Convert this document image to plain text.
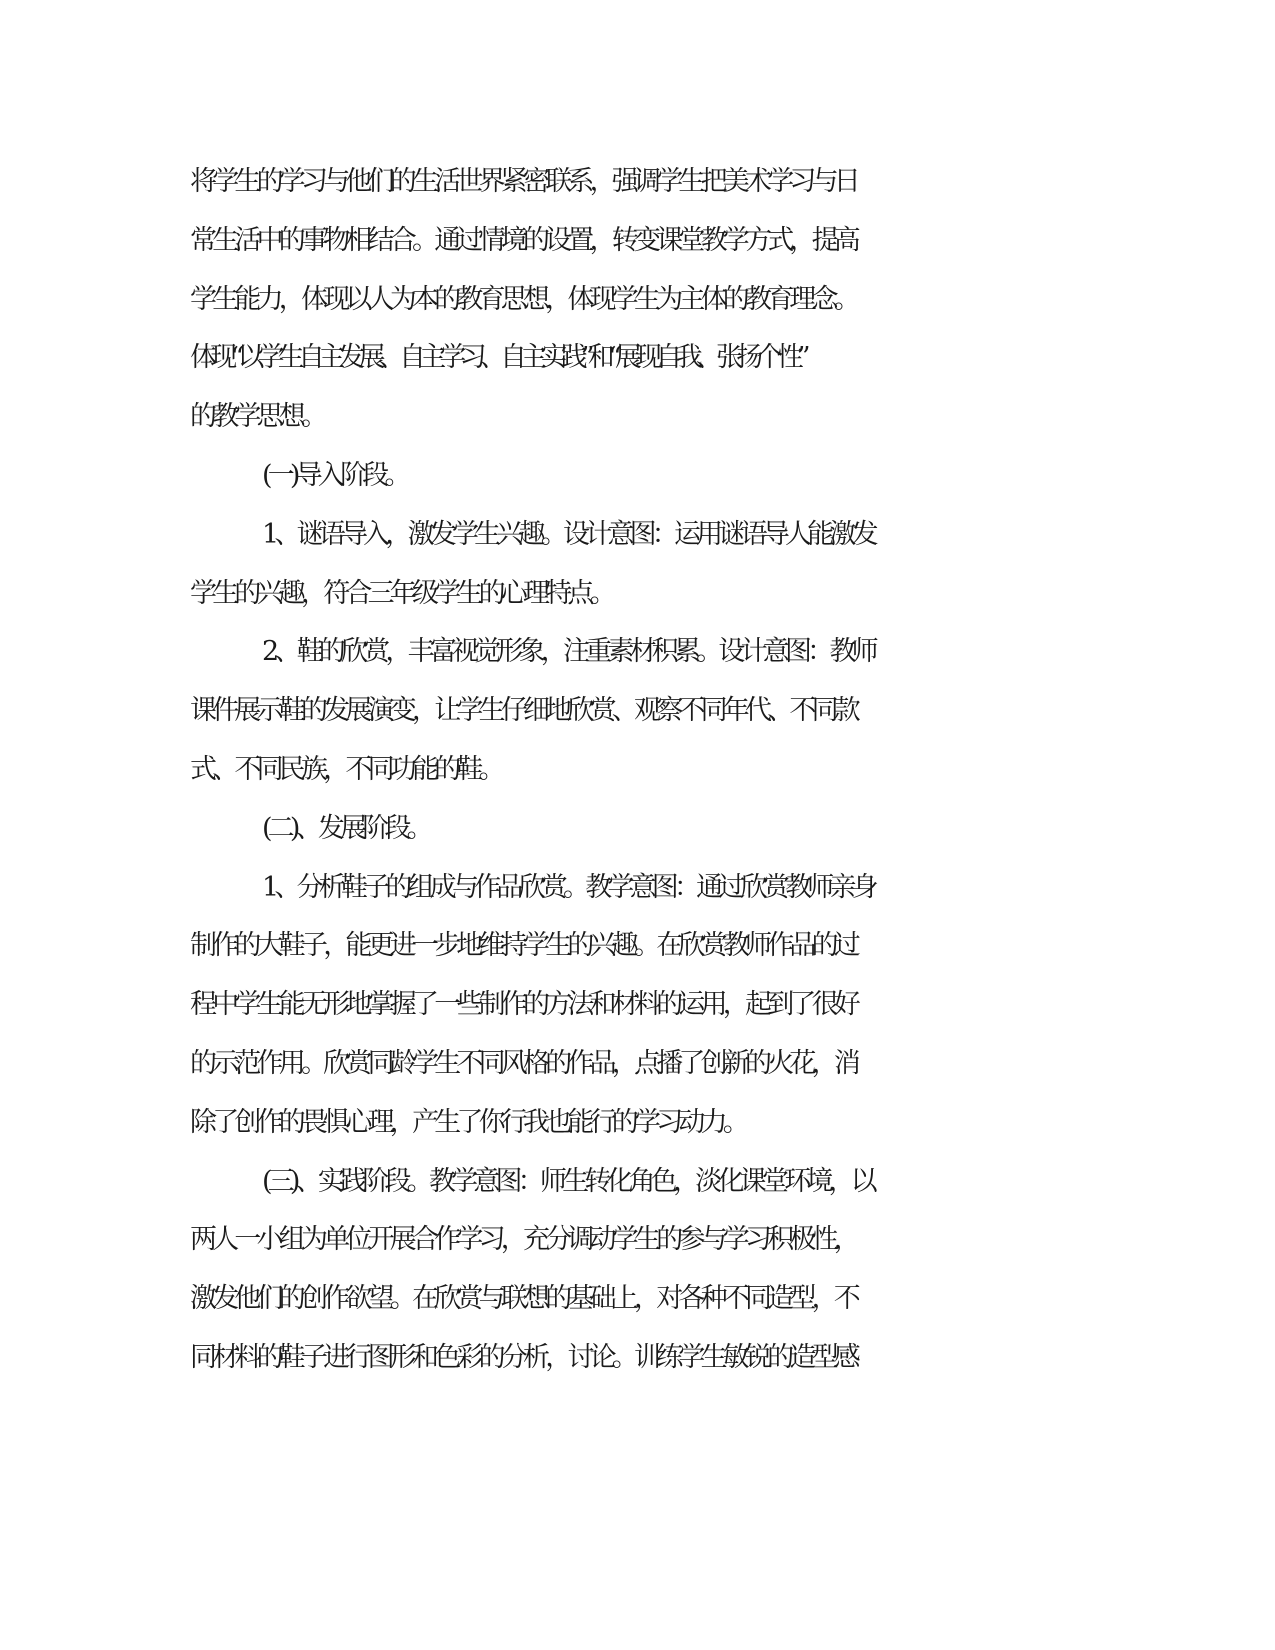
将学生的学习与他们的生活世界紧密联系，强调学生把美术学习与日
常生活中的事物相结合。通过情境的设置，转变课堂教学方式，提高
学生能力，体现以人为本的教育思想，体现学生为主体的教育理念。
体现“以学生自主发展、自主学习、自主实践”和“展现自我、张扬个性”
的教学思想。
(一)导入阶段。
1、谜语导入，激发学生兴趣。设计意图：运用谜语导人能激发
学生的兴趣，符合三年级学生的心理特点。
2、鞋的欣赏，丰富视觉形象，注重素材积累。设计意图：教师
课件展示鞋的发展演变，让学生仔细地欣赏、观察不同年代、不同款
式、不同民族，不同功能的鞋。
(二)、发展阶段。
1、分析鞋子的组成与作品欣赏。教学意图：通过欣赏教师亲身
制作的大鞋子，能更进一步地维持学生的兴趣。在欣赏教师作品的过
程中学生能无形地掌握了一些制作的方法和材料的运用，起到了很好
的示范作用。欣赏同龄学生不同风格的作品，点播了创新的火花，消
除了创作的畏惧心理，产生了你行我也能行的学习动力。
(三)、实践阶段。教学意图：师生转化角色，淡化课堂环境，以
两人一小组为单位开展合作学习，充分调动学生的参与学习积极性，
激发他们的创作欲望。在欣赏与联想的基础上，对各种不同造型，不
同材料的鞋子进行图形和色彩的分析，讨论。训练学生敏锐的造型感
